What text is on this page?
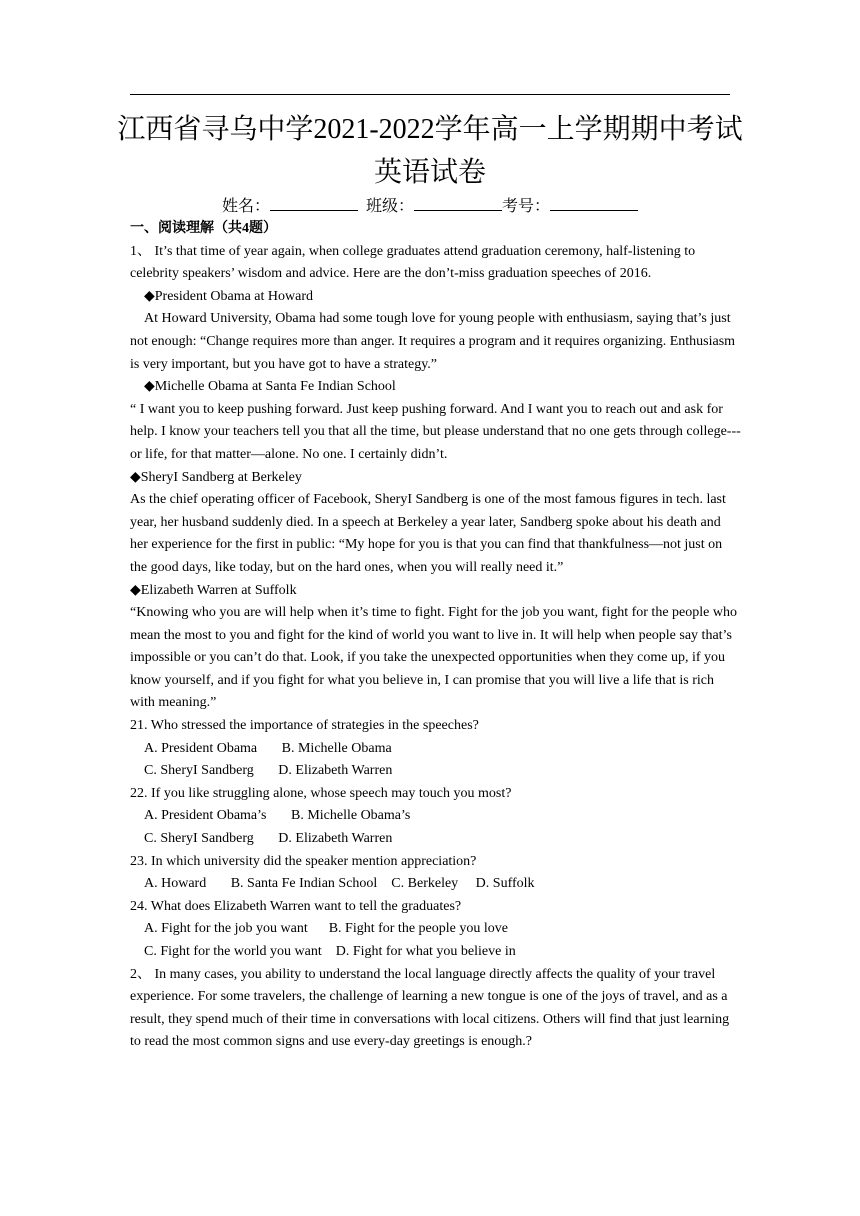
江西省寻乌中学2021-2022学年高一上学期期中考试
英语试卷
姓名：	班级：	考号：

一、阅读理解（共4题）

1、 It’s that time of year again, when college graduates attend graduation ceremony, half-listening to celebrity speakers’ wisdom and advice. Here are the don’t-miss graduation speeches of 2016.

◆President Obama at Howard

At Howard University, Obama had some tough love for young people with enthusiasm, saying that’s just not enough: “Change requires more than anger. It requires a program and it requires organizing. Enthusiasm is very important, but you have got to have a strategy.”

◆Michelle Obama at Santa Fe Indian School

“ I want you to keep pushing forward. Just keep pushing forward. And I want you to reach out and ask for help. I know your teachers tell you that all the time, but please understand that no one gets through college---or life, for that matter—alone. No one. I certainly didn’t.

◆SheryI Sandberg at Berkeley

As the chief operating officer of Facebook, SheryI Sandberg is one of the most famous figures in tech. last year, her husband suddenly died. In a speech at Berkeley a year later, Sandberg spoke about his death and her experience for the first in public: “My hope for you is that you can find that thankfulness—not just on the good days, like today, but on the hard ones, when you will really need it.”

◆Elizabeth Warren at Suffolk

“Knowing who you are will help when it’s time to fight. Fight for the job you want, fight for the people who mean the most to you and fight for the kind of world you want to live in. It will help when people say that’s impossible or you can’t do that. Look, if you take the unexpected opportunities when they come up, if you know yourself, and if you fight for what you believe in, I can promise that you will live a life that is rich with meaning.”

21. Who stressed the importance of strategies in the speeches?

A. President Obama       B. Michelle Obama

C. SheryI Sandberg       D. Elizabeth Warren

22. If you like struggling alone, whose speech may touch you most?

A. President Obama’s       B. Michelle Obama’s

C. SheryI Sandberg       D. Elizabeth Warren

23. In which university did the speaker mention appreciation?

A. Howard       B. Santa Fe Indian School    C. Berkeley     D. Suffolk

24. What does Elizabeth Warren want to tell the graduates?

A. Fight for the job you want      B. Fight for the people you love

C. Fight for the world you want    D. Fight for what you believe in

2、 In many cases, you ability to understand the local language directly affects the quality of your travel experience. For some travelers, the challenge of learning a new tongue is one of the joys of travel, and as a result, they spend much of their time in conversations with local citizens. Others will find that just learning to read the most common signs and use every-day greetings is enough.?
